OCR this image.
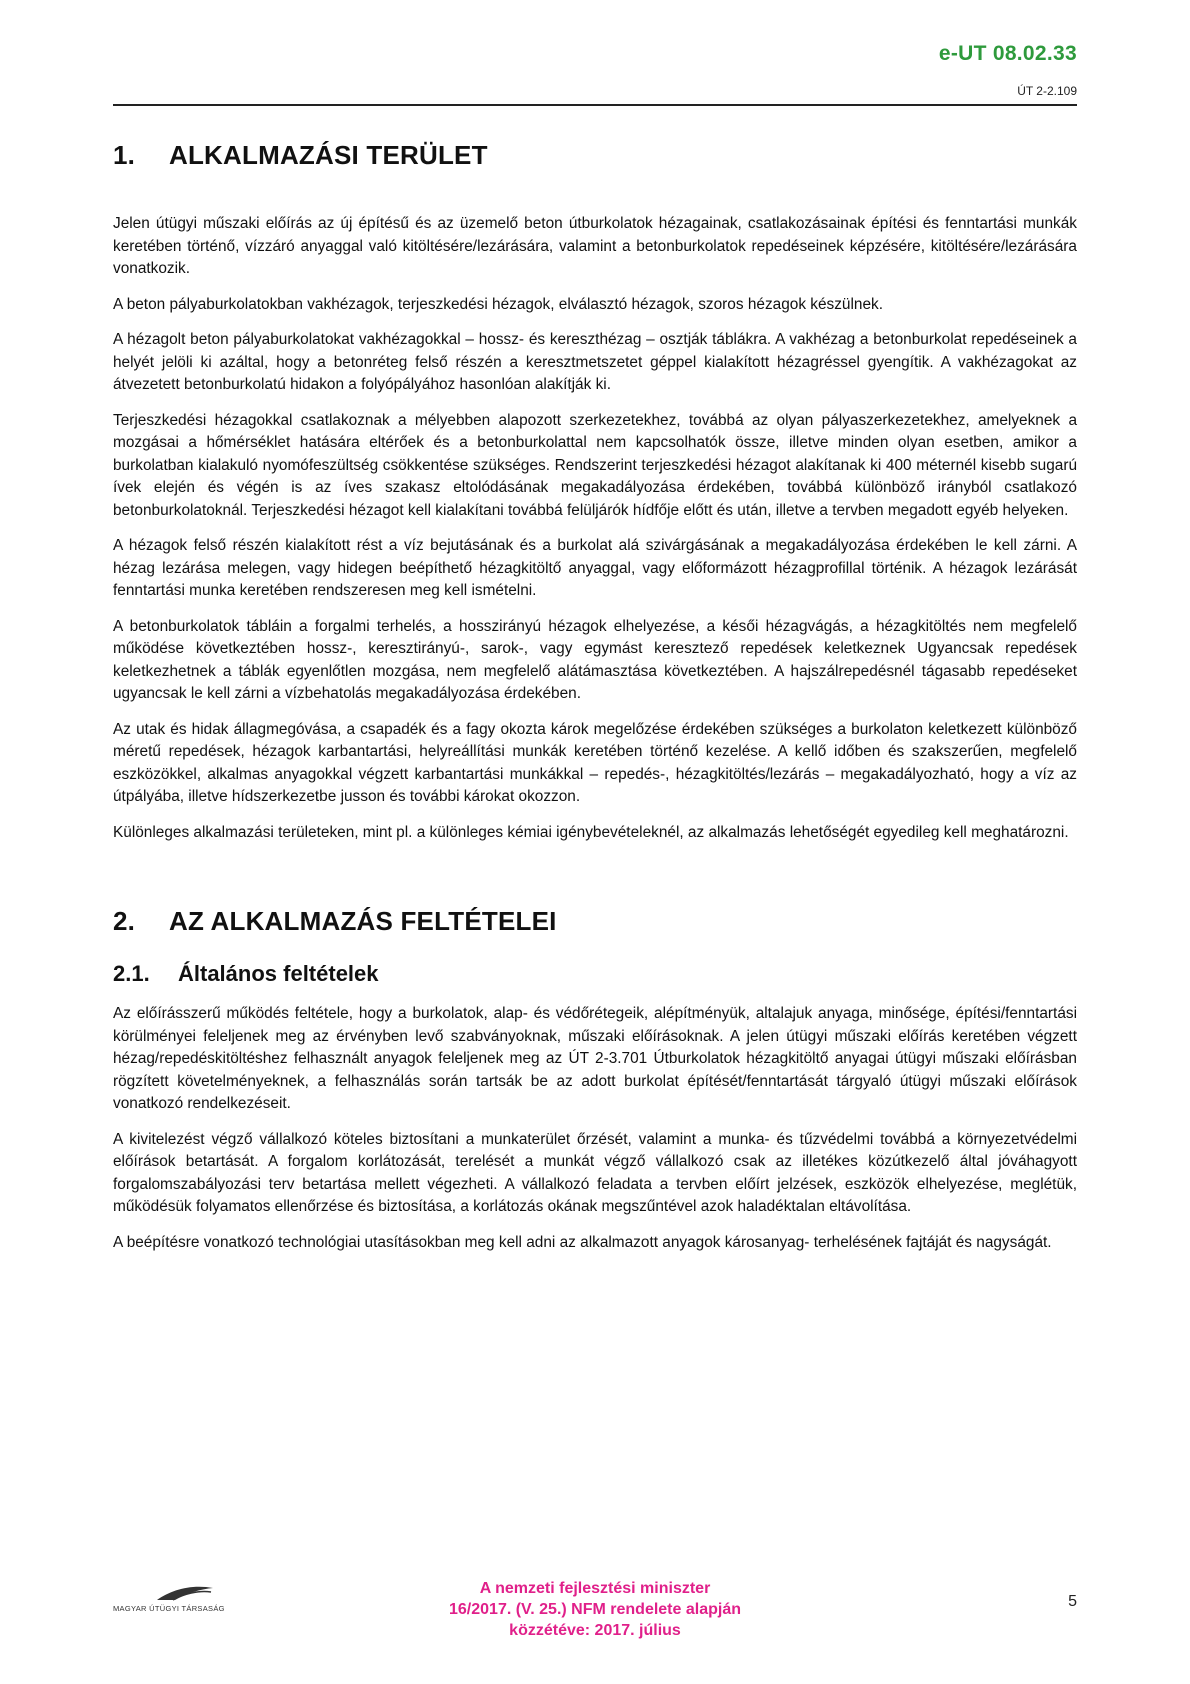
e-UT 08.02.33
ÚT 2-2.109
1.	ALKALMAZÁSI TERÜLET

Jelen útügyi műszaki előírás az új építésű és az üzemelő beton útburkolatok hézagainak, csatlakozásainak építési és fenntartási munkák keretében történő, vízzáró anyaggal való kitöltésére/lezárására, valamint a betonburkolatok repedéseinek képzésére, kitöltésére/lezárására vonatkozik.

A beton pályaburkolatokban vakhézagok, terjeszkedési hézagok, elválasztó hézagok, szoros hézagok készülnek.

A hézagolt beton pályaburkolatokat vakhézagokkal – hossz- és kereszthézag – osztják táblákra. A vakhézag a betonburkolat repedéseinek a helyét jelöli ki azáltal, hogy a betonréteg felső részén a keresztmetszetet géppel kialakított hézagréssel gyengítik. A vakhézagokat az átvezetett betonburkolatú hidakon a folyópályához hasonlóan alakítják ki.

Terjeszkedési hézagokkal csatlakoznak a mélyebben alapozott szerkezetekhez, továbbá az olyan pályaszerkezetekhez, amelyeknek a mozgásai a hőmérséklet hatására eltérőek és a betonburkolattal nem kapcsolhatók össze, illetve minden olyan esetben, amikor a burkolatban kialakuló nyomófeszültség csökkentése szükséges. Rendszerint terjeszkedési hézagot alakítanak ki 400 méternél kisebb sugarú ívek elején és végén is az íves szakasz eltolódásának megakadályozása érdekében, továbbá különböző irányból csatlakozó betonburkolatoknál. Terjeszkedési hézagot kell kialakítani továbbá felüljárók hídfője előtt és után, illetve a tervben megadott egyéb helyeken.

A hézagok felső részén kialakított rést a víz bejutásának és a burkolat alá szivárgásának a megakadályozása érdekében le kell zárni. A hézag lezárása melegen, vagy hidegen beépíthető hézagkitöltő anyaggal, vagy előformázott hézagprofillal történik. A hézagok lezárását fenntartási munka keretében rendszeresen meg kell ismételni.

A betonburkolatok tábláin a forgalmi terhelés, a hosszirányú hézagok elhelyezése, a késői hézagvágás, a hézagkitöltés nem megfelelő működése következtében hossz-, keresztirányú-, sarok-, vagy egymást keresztező repedések keletkeznek Ugyancsak repedések keletkezhetnek a táblák egyenlőtlen mozgása, nem megfelelő alátámasztása következtében. A hajszálrepedésnél tágasabb repedéseket ugyancsak le kell zárni a vízbehatolás megakadályozása érdekében.

Az utak és hidak állagmegóvása, a csapadék és a fagy okozta károk megelőzése érdekében szükséges a burkolaton keletkezett különböző méretű repedések, hézagok karbantartási, helyreállítási munkák keretében történő kezelése. A kellő időben és szakszerűen, megfelelő eszközökkel, alkalmas anyagokkal végzett karbantartási munkákkal – repedés-, hézagkitöltés/lezárás – megakadályozható, hogy a víz az útpályába, illetve hídszerkezetbe jusson és további károkat okozzon.

Különleges alkalmazási területeken, mint pl. a különleges kémiai igénybevételeknél, az alkalmazás lehetőségét egyedileg kell meghatározni.

2.	AZ ALKALMAZÁS FELTÉTELEI
2.1.	Általános feltételek

Az előírásszerű működés feltétele, hogy a burkolatok, alap- és védőrétegeik, alépítményük, altalajuk anyaga, minősége, építési/fenntartási körülményei feleljenek meg az érvényben levő szabványoknak, műszaki előírásoknak. A jelen útügyi műszaki előírás keretében végzett hézag/repedéskitöltéshez felhasznált anyagok feleljenek meg az ÚT 2-3.701 Útburkolatok hézagkitöltő anyagai útügyi műszaki előírásban rögzített követelményeknek, a felhasználás során tartsák be az adott burkolat építését/fenntartását tárgyaló útügyi műszaki előírások vonatkozó rendelkezéseit.

A kivitelezést végző vállalkozó köteles biztosítani a munkaterület őrzését, valamint a munka- és tűzvédelmi továbbá a környezetvédelmi előírások betartását. A forgalom korlátozását, terelését a munkát végző vállalkozó csak az illetékes közútkezelő által jóváhagyott forgalomszabályozási terv betartása mellett végezheti. A vállalkozó feladata a tervben előírt jelzések, eszközök elhelyezése, meglétük, működésük folyamatos ellenőrzése és biztosítása, a korlátozás okának megszűntével azok haladéktalan eltávolítása.

A beépítésre vonatkozó technológiai utasításokban meg kell adni az alkalmazott anyagok károsanyag- terhelésének fajtáját és nagyságát.

MAGYAR ÚTÜGYI TÁRSASÁG
A nemzeti fejlesztési miniszter
16/2017. (V. 25.) NFM rendelete alapján
közzétéve: 2017. július
5
